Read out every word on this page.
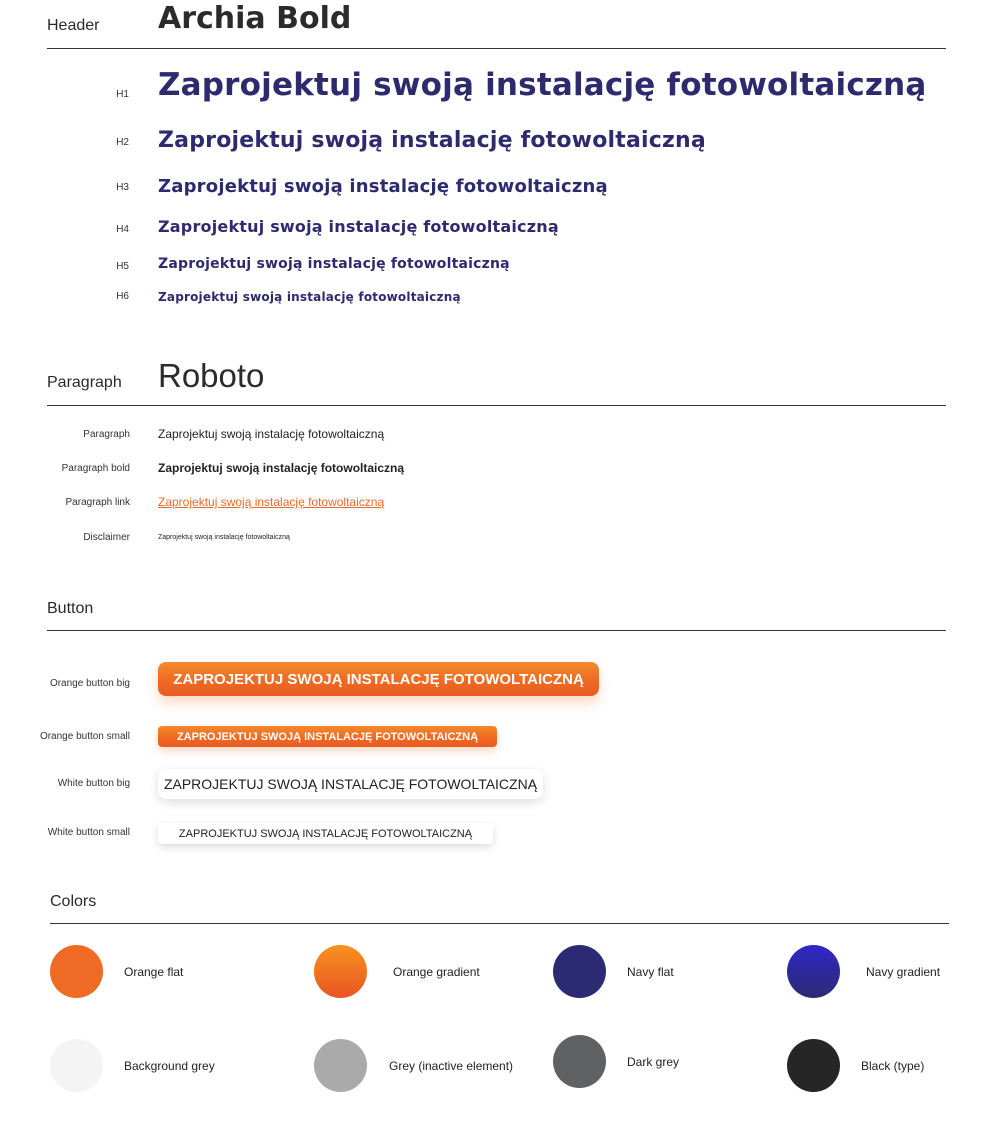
Header Archia Bold
H1 Zaprojektuj swoją instalację fotowoltaiczną
H2 Zaprojektuj swoją instalację fotowoltaiczną
H3 Zaprojektuj swoją instalację fotowoltaiczną
H4 Zaprojektuj swoją instalację fotowoltaiczną
H5 Zaprojektuj swoją instalację fotowoltaiczną
H6 Zaprojektuj swoją instalację fotowoltaiczną
Paragraph Roboto
Paragraph Zaprojektuj swoją instalację fotowoltaiczną
Paragraph bold Zaprojektuj swoją instalację fotowoltaiczną
Paragraph link Zaprojektuj swoją instalację fotowoltaiczną
Disclaimer	Zaprojektuj swoją instalację fotowoltaiczną
Button
Orange button big	ZAPROJEKTUJ SWOJĄ INSTALACJĘ FOTOWOLTAICZNĄ
Orange button small	ZAPROJEKTUJ SWOJĄ INSTALACJĘ FOTOWOLTAICZNĄ
White button big	ZAPROJEKTUJ SWOJĄ INSTALACJĘ FOTOWOLTAICZNĄ
White button small	ZAPROJEKTUJ SWOJĄ INSTALACJĘ FOTOWOLTAICZNĄ
Colors
Orange flat	Orange gradient	Navy flat	Navy gradient
Background grey	Grey (inactive element)	Dark grey	Black (type)
